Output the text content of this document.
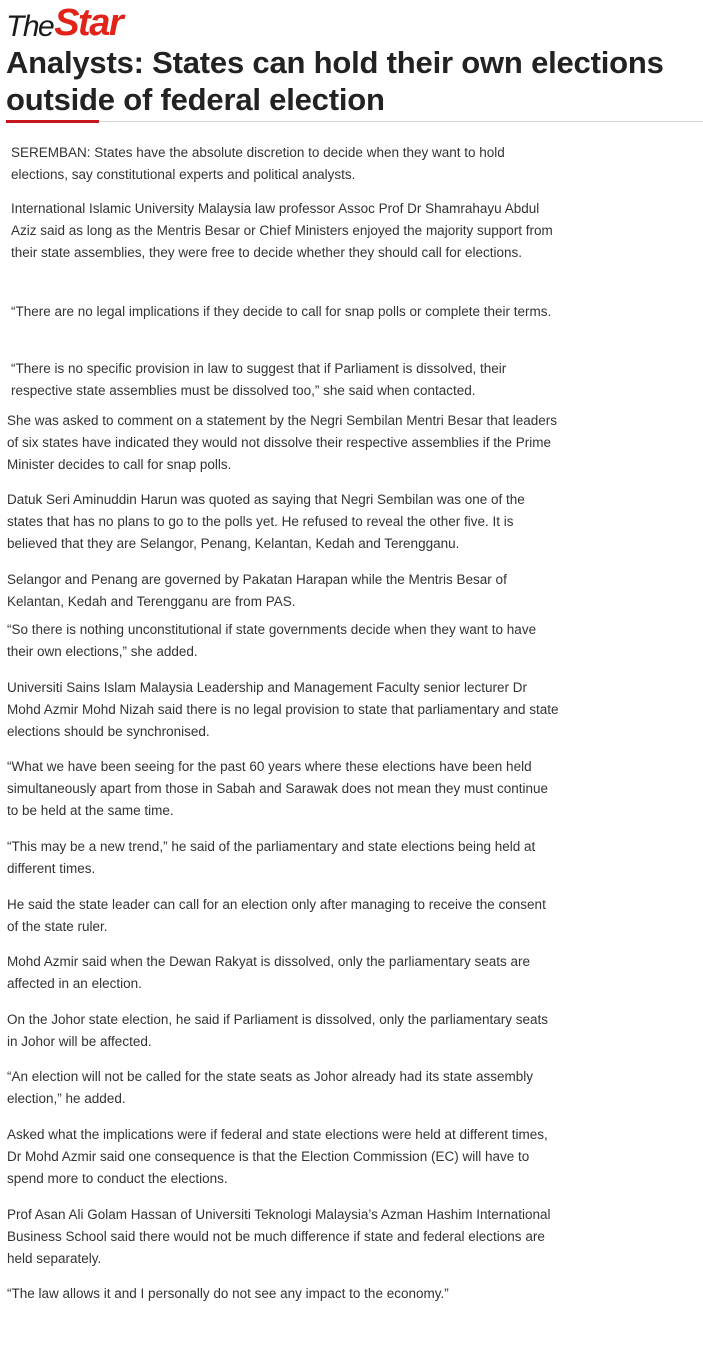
The Star
Analysts: States can hold their own elections outside of federal election

SEREMBAN: States have the absolute discretion to decide when they want to hold elections, say constitutional experts and political analysts.

International Islamic University Malaysia law professor Assoc Prof Dr Shamrahayu Abdul Aziz said as long as the Mentris Besar or Chief Ministers enjoyed the majority support from their state assemblies, they were free to decide whether they should call for elections.

“There are no legal implications if they decide to call for snap polls or complete their terms.

“There is no specific provision in law to suggest that if Parliament is dissolved, their respective state assemblies must be dissolved too,” she said when contacted.

She was asked to comment on a statement by the Negri Sembilan Mentri Besar that leaders of six states have indicated they would not dissolve their respective assemblies if the Prime Minister decides to call for snap polls.

Datuk Seri Aminuddin Harun was quoted as saying that Negri Sembilan was one of the states that has no plans to go to the polls yet. He refused to reveal the other five. It is believed that they are Selangor, Penang, Kelantan, Kedah and Terengganu.

Selangor and Penang are governed by Pakatan Harapan while the Mentris Besar of Kelantan, Kedah and Terengganu are from PAS.

“So there is nothing unconstitutional if state governments decide when they want to have their own elections,” she added.

Universiti Sains Islam Malaysia Leadership and Management Faculty senior lecturer Dr Mohd Azmir Mohd Nizah said there is no legal provision to state that parliamentary and state elections should be synchronised.

“What we have been seeing for the past 60 years where these elections have been held simultaneously apart from those in Sabah and Sarawak does not mean they must continue to be held at the same time.

“This may be a new trend,” he said of the parliamentary and state elections being held at different times.

He said the state leader can call for an election only after managing to receive the consent of the state ruler.

Mohd Azmir said when the Dewan Rakyat is dissolved, only the parliamentary seats are affected in an election.

On the Johor state election, he said if Parliament is dissolved, only the parliamentary seats in Johor will be affected.

“An election will not be called for the state seats as Johor already had its state assembly election,” he added.

Asked what the implications were if federal and state elections were held at different times, Dr Mohd Azmir said one consequence is that the Election Commission (EC) will have to spend more to conduct the elections.

Prof Asan Ali Golam Hassan of Universiti Teknologi Malaysia’s Azman Hashim International Business School said there would not be much difference if state and federal elections are held separately.

“The law allows it and I personally do not see any impact to the economy.”
